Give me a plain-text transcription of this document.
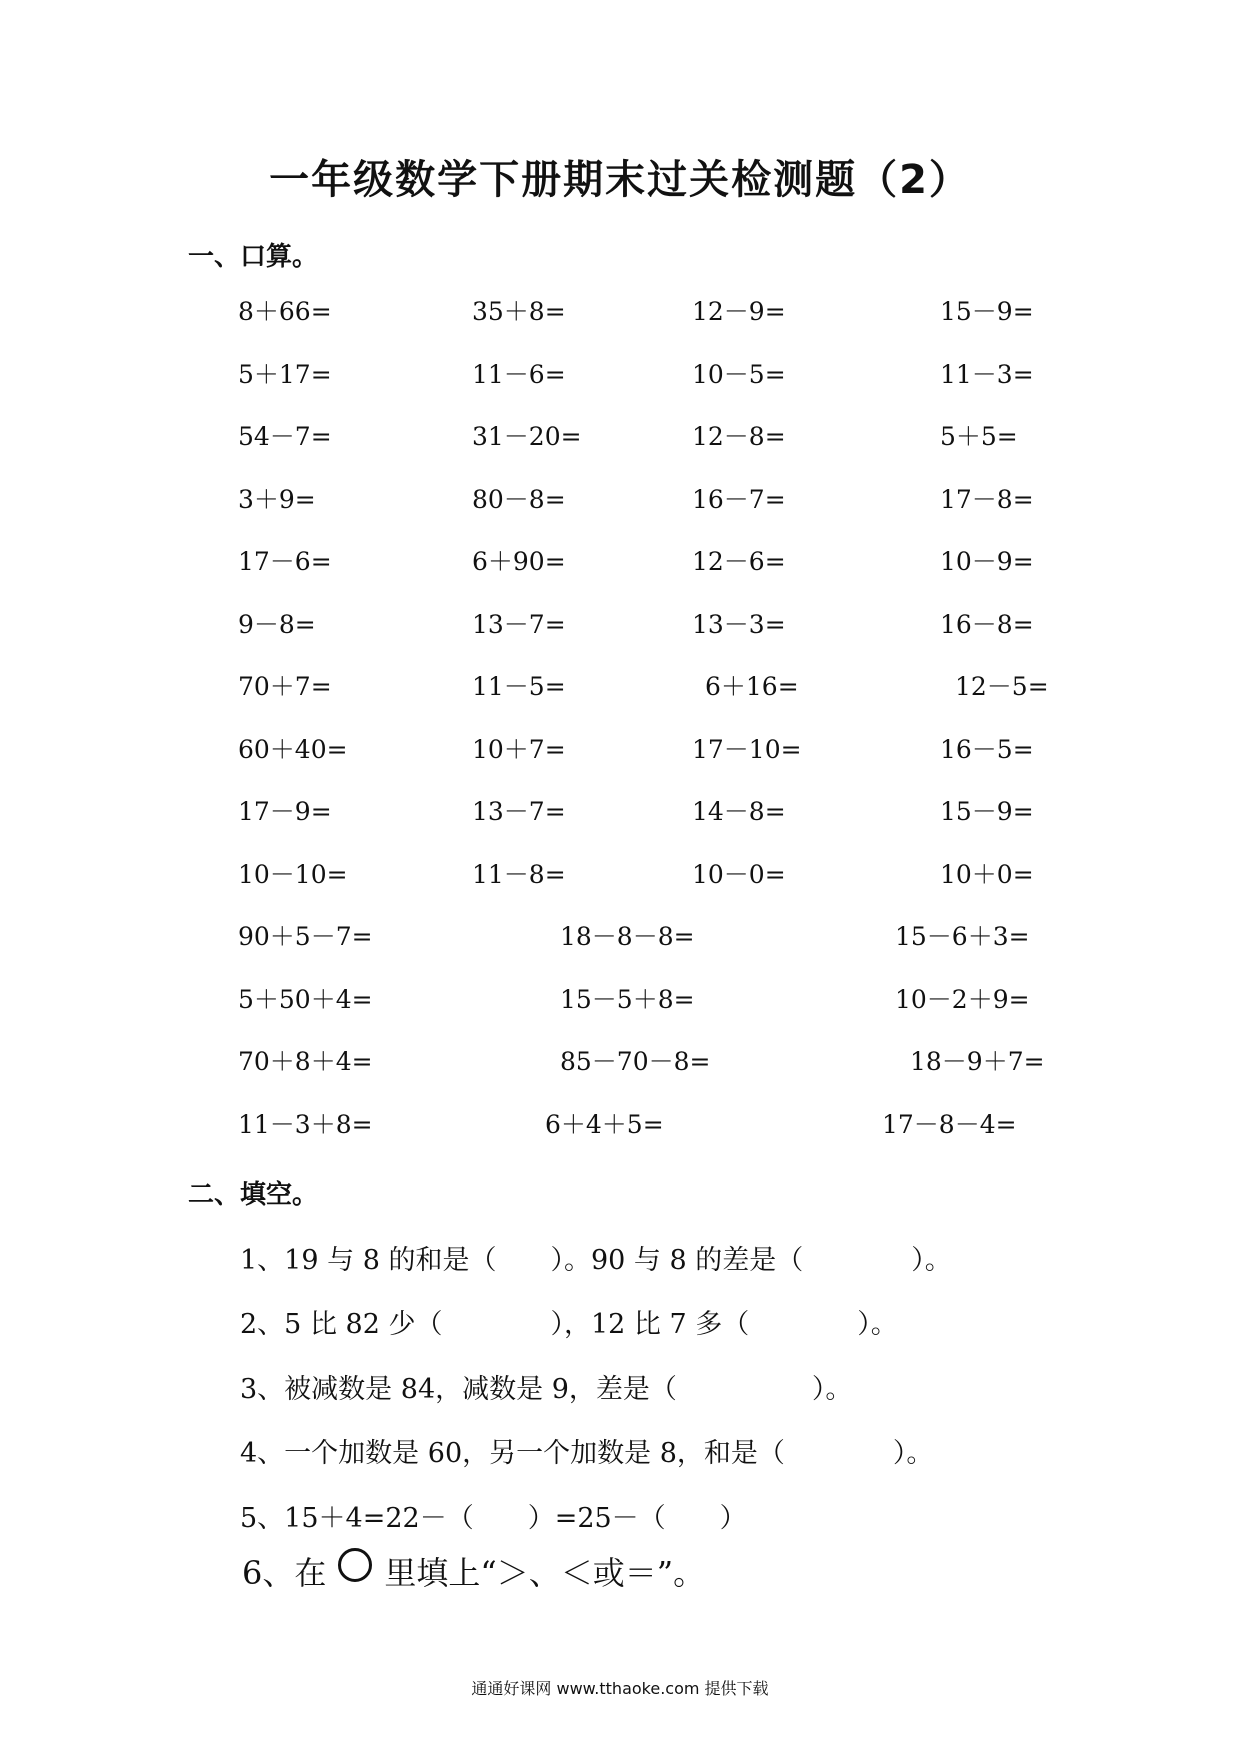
一年级数学下册期末过关检测题（2）
一、口算。
8＋66=	35＋8=	12－9=	15－9=
5＋17=	11－6=	10－5=	11－3=
54－7=	31－20=	12－8=	5＋5=
3＋9=	80－8=	16－7=	17－8=
17－6=	6＋90=	12－6=	10－9=
9－8=	13－7=	13－3=	16－8=
70＋7=	11－5=	6＋16=	12－5=
60＋40=	10＋7=	17－10=	16－5=
17－9=	13－7=	14－8=	15－9=
10－10=	11－8=	10－0=	10＋0=
90＋5－7=	18－8－8=	15－6＋3=
5＋50＋4=	15－5＋8=	10－2＋9=
70＋8＋4=	85－70－8=	18－9＋7=
11－3＋8=	6＋4＋5=	17－8－4=
二、填空。
1、19 与 8 的和是（　　）。90 与 8 的差是（　　　　）。
2、5 比 82 少（　　　　），12 比 7 多（　　　　）。
3、被减数是 84，减数是 9，差是（　　　　　）。
4、一个加数是 60，另一个加数是 8，和是（　　　　）。
5、15＋4=22－（　　）=25－（　　）
6、在 里填上“＞、＜或＝”。
通通好课网 www.tthaoke.com 提供下载
